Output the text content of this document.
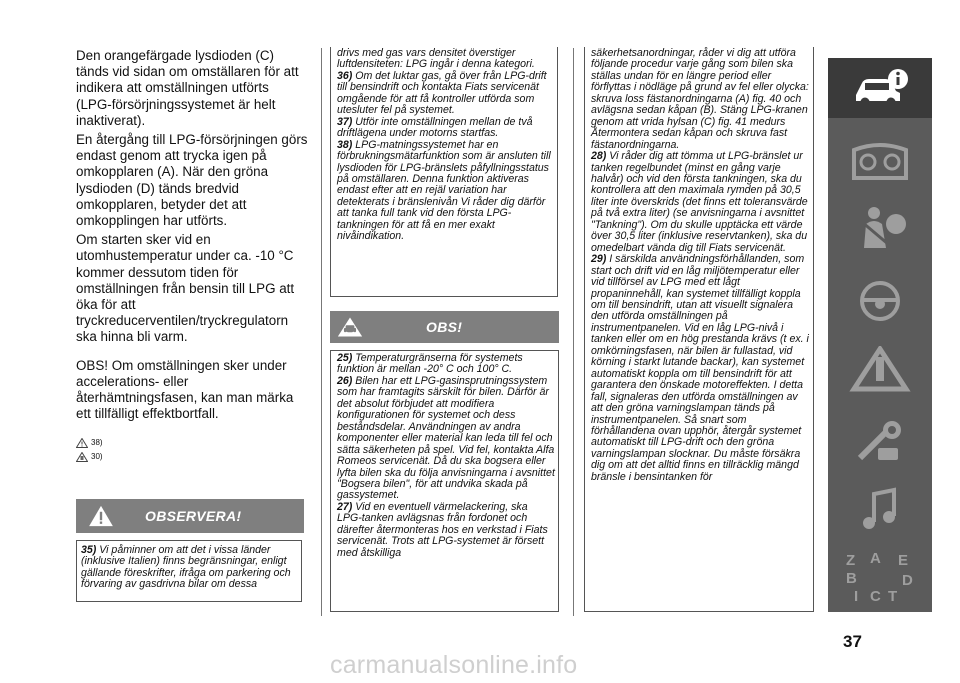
Den orangefärgade lysdioden (C) tänds vid sidan om omställaren för att indikera att omställningen utförts (LPG-försörjningssystemet är helt inaktiverat).

En återgång till LPG-försörjningen görs endast genom att trycka igen på omkopplaren (A). När den gröna lysdioden (D) tänds bredvid omkopplaren, betyder det att omkopplingen har utförts.

Om starten sker vid en utomhustemperatur under ca. -10 °C kommer dessutom tiden för omställningen från bensin till LPG att öka för att tryckreducerventilen/tryckregulatorn ska hinna bli varm.

OBS! Om omställningen sker under accelerations- eller återhämtningsfasen, kan man märka ett tillfälligt effektbortfall.

38)
30)
OBSERVERA!
35) Vi påminner om att det i vissa länder (inklusive Italien) finns begränsningar, enligt gällande föreskrifter, ifråga om parkering och förvaring av gasdrivna bilar om dessa
drivs med gas vars densitet överstiger luftdensiteten: LPG ingår i denna kategori.
36) Om det luktar gas, gå över från LPG-drift till bensindrift och kontakta Fiats servicenät omgående för att få kontroller utförda som utesluter fel på systemet.
37) Utför inte omställningen mellan de två driftlägena under motorns startfas.
38) LPG-matningssystemet har en förbrukningsmätarfunktion som är ansluten till lysdioden för LPG-bränslets påfyllningsstatus på omställaren. Denna funktion aktiveras endast efter att en rejäl variation har detekterats i bränslenivån Vi råder dig därför att tanka full tank vid den första LPG-tankningen för att få en mer exakt nivåindikation.
OBS!
25) Temperaturgränserna för systemets funktion är mellan -20° C och 100° C.
26) Bilen har ett LPG-gasinsprutningssystem som har framtagits särskilt för bilen. Därför är det absolut förbjudet att modifiera konfigurationen för systemet och dess beståndsdelar. Användningen av andra komponenter eller material kan leda till fel och sätta säkerheten på spel. Vid fel, kontakta Alfa Romeos servicenät. Då du ska bogsera eller lyfta bilen ska du följa anvisningarna i avsnittet "Bogsera bilen", för att undvika skada på gassystemet.
27) Vid en eventuell värmelackering, ska LPG-tanken avlägsnas från fordonet och därefter återmonteras hos en verkstad i Fiats servicenät. Trots att LPG-systemet är försett med åtskilliga
säkerhetsanordningar, råder vi dig att utföra följande procedur varje gång som bilen ska ställas undan för en längre period eller förflyttas i nödläge på grund av fel eller olycka: skruva loss fästanordningarna (A) fig. 40 och avlägsna sedan kåpan (B). Stäng LPG-kranen genom att vrida hylsan (C) fig. 41 medurs Återmontera sedan kåpan och skruva fast fästanordningarna.
28) Vi råder dig att tömma ut LPG-bränslet ur tanken regelbundet (minst en gång varje halvår) och vid den första tankningen, ska du kontrollera att den maximala rymden på 30,5 liter inte överskrids (det finns ett toleransvärde på två extra liter) (se anvisningarna i avsnittet "Tankning"). Om du skulle upptäcka ett värde över 30,5 liter (inklusive reservtanken), ska du omedelbart vända dig till Fiats servicenät.
29) I särskilda användningsförhållanden, som start och drift vid en låg miljötemperatur eller vid tillförsel av LPG med ett lågt propaninnehåll, kan systemet tillfälligt koppla om till bensindrift, utan att visuellt signalera den utförda omställningen på instrumentpanelen. Vid en låg LPG-nivå i tanken eller om en hög prestanda krävs (t ex. i omkörningsfasen, när bilen är fullastad, vid körning i starkt lutande backar), kan systemet automatiskt koppla om till bensindrift för att garantera den önskade motoreffekten. I detta fall, signaleras den utförda omställningen av att den gröna varningslampan tänds på instrumentpanelen. Så snart som förhållandena ovan upphör, återgår systemet automatiskt till LPG-drift och den gröna varningslampan slocknar. Du måste försäkra dig om att det alltid finns en tillräcklig mängd bränsle i bensintanken för
Z A E
B	D
I C T
37
carmanualsonline.info
